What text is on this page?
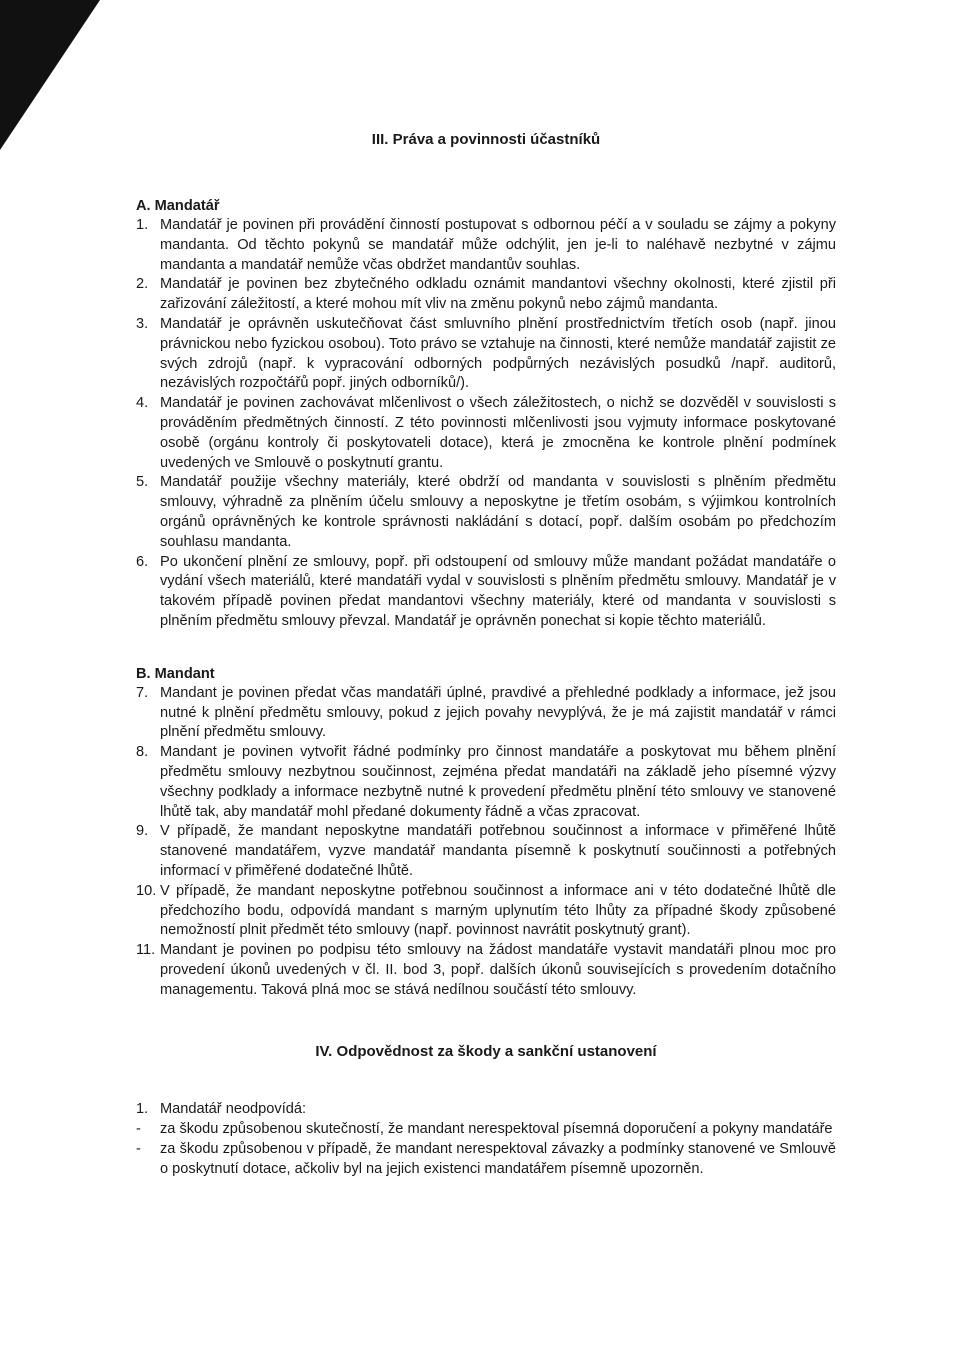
III. Práva a povinnosti účastníků
A. Mandatář
1. Mandatář je povinen při provádění činností postupovat s odbornou péčí a v souladu se zájmy a pokyny mandanta. Od těchto pokynů se mandatář může odchýlit, jen je-li to naléhavě nezbytné v zájmu mandanta a mandatář nemůže včas obdržet mandantův souhlas.
2. Mandatář je povinen bez zbytečného odkladu oznámit mandantovi všechny okolnosti, které zjistil při zařizování záležitostí, a které mohou mít vliv na změnu pokynů nebo zájmů mandanta.
3. Mandatář je oprávněn uskutečňovat část smluvního plnění prostřednictvím třetích osob (např. jinou právnickou nebo fyzickou osobou). Toto právo se vztahuje na činnosti, které nemůže mandatář zajistit ze svých zdrojů (např. k vypracování odborných podpůrných nezávislých posudků /např. auditorů, nezávislých rozpočtářů popř. jiných odborníků/).
4. Mandatář je povinen zachovávat mlčenlivost o všech záležitostech, o nichž se dozvěděl v souvislosti s prováděním předmětných činností. Z této povinnosti mlčenlivosti jsou vyjmuty informace poskytované osobě (orgánu kontroly či poskytovateli dotace), která je zmocněna ke kontrole plnění podmínek uvedených ve Smlouvě o poskytnutí grantu.
5. Mandatář použije všechny materiály, které obdrží od mandanta v souvislosti s plněním předmětu smlouvy, výhradně za plněním účelu smlouvy a neposkytne je třetím osobám, s výjimkou kontrolních orgánů oprávněných ke kontrole správnosti nakládání s dotací, popř. dalším osobám po předchozím souhlasu mandanta.
6. Po ukončení plnění ze smlouvy, popř. při odstoupení od smlouvy může mandant požádat mandatáře o vydání všech materiálů, které mandatáři vydal v souvislosti s plněním předmětu smlouvy. Mandatář je v takovém případě povinen předat mandantovi všechny materiály, které od mandanta v souvislosti s plněním předmětu smlouvy převzal. Mandatář je oprávněn ponechat si kopie těchto materiálů.
B. Mandant
7. Mandant je povinen předat včas mandatáři úplné, pravdivé a přehledné podklady a informace, jež jsou nutné k plnění předmětu smlouvy, pokud z jejich povahy nevyplývá, že je má zajistit mandatář v rámci plnění předmětu smlouvy.
8. Mandant je povinen vytvořit řádné podmínky pro činnost mandatáře a poskytovat mu během plnění předmětu smlouvy nezbytnou součinnost, zejména předat mandatáři na základě jeho písemné výzvy všechny podklady a informace nezbytně nutné k provedení předmětu plnění této smlouvy ve stanovené lhůtě tak, aby mandatář mohl předané dokumenty řádně a včas zpracovat.
9. V případě, že mandant neposkytne mandatáři potřebnou součinnost a informace v přiměřené lhůtě stanovené mandatářem, vyzve mandatář mandanta písemně k poskytnutí součinnosti a potřebných informací v přiměřené dodatečné lhůtě.
10. V případě, že mandant neposkytne potřebnou součinnost a informace ani v této dodatečné lhůtě dle předchozího bodu, odpovídá mandant s marným uplynutím této lhůty za případné škody způsobené nemožností plnit předmět této smlouvy (např. povinnost navrátit poskytnutý grant).
11. Mandant je povinen po podpisu této smlouvy na žádost mandatáře vystavit mandatáři plnou moc pro provedení úkonů uvedených v čl. II. bod 3, popř. dalších úkonů souvisejících s provedením dotačního managementu. Taková plná moc se stává nedílnou součástí této smlouvy.
IV. Odpovědnost za škody a sankční ustanovení
1. Mandatář neodpovídá:
- za škodu způsobenou skutečností, že mandant nerespektoval písemná doporučení a pokyny mandatáře
- za škodu způsobenou v případě, že mandant nerespektoval závazky a podmínky stanovené ve Smlouvě o poskytnutí dotace, ačkoliv byl na jejich existenci mandatářem písemně upozorněn.
